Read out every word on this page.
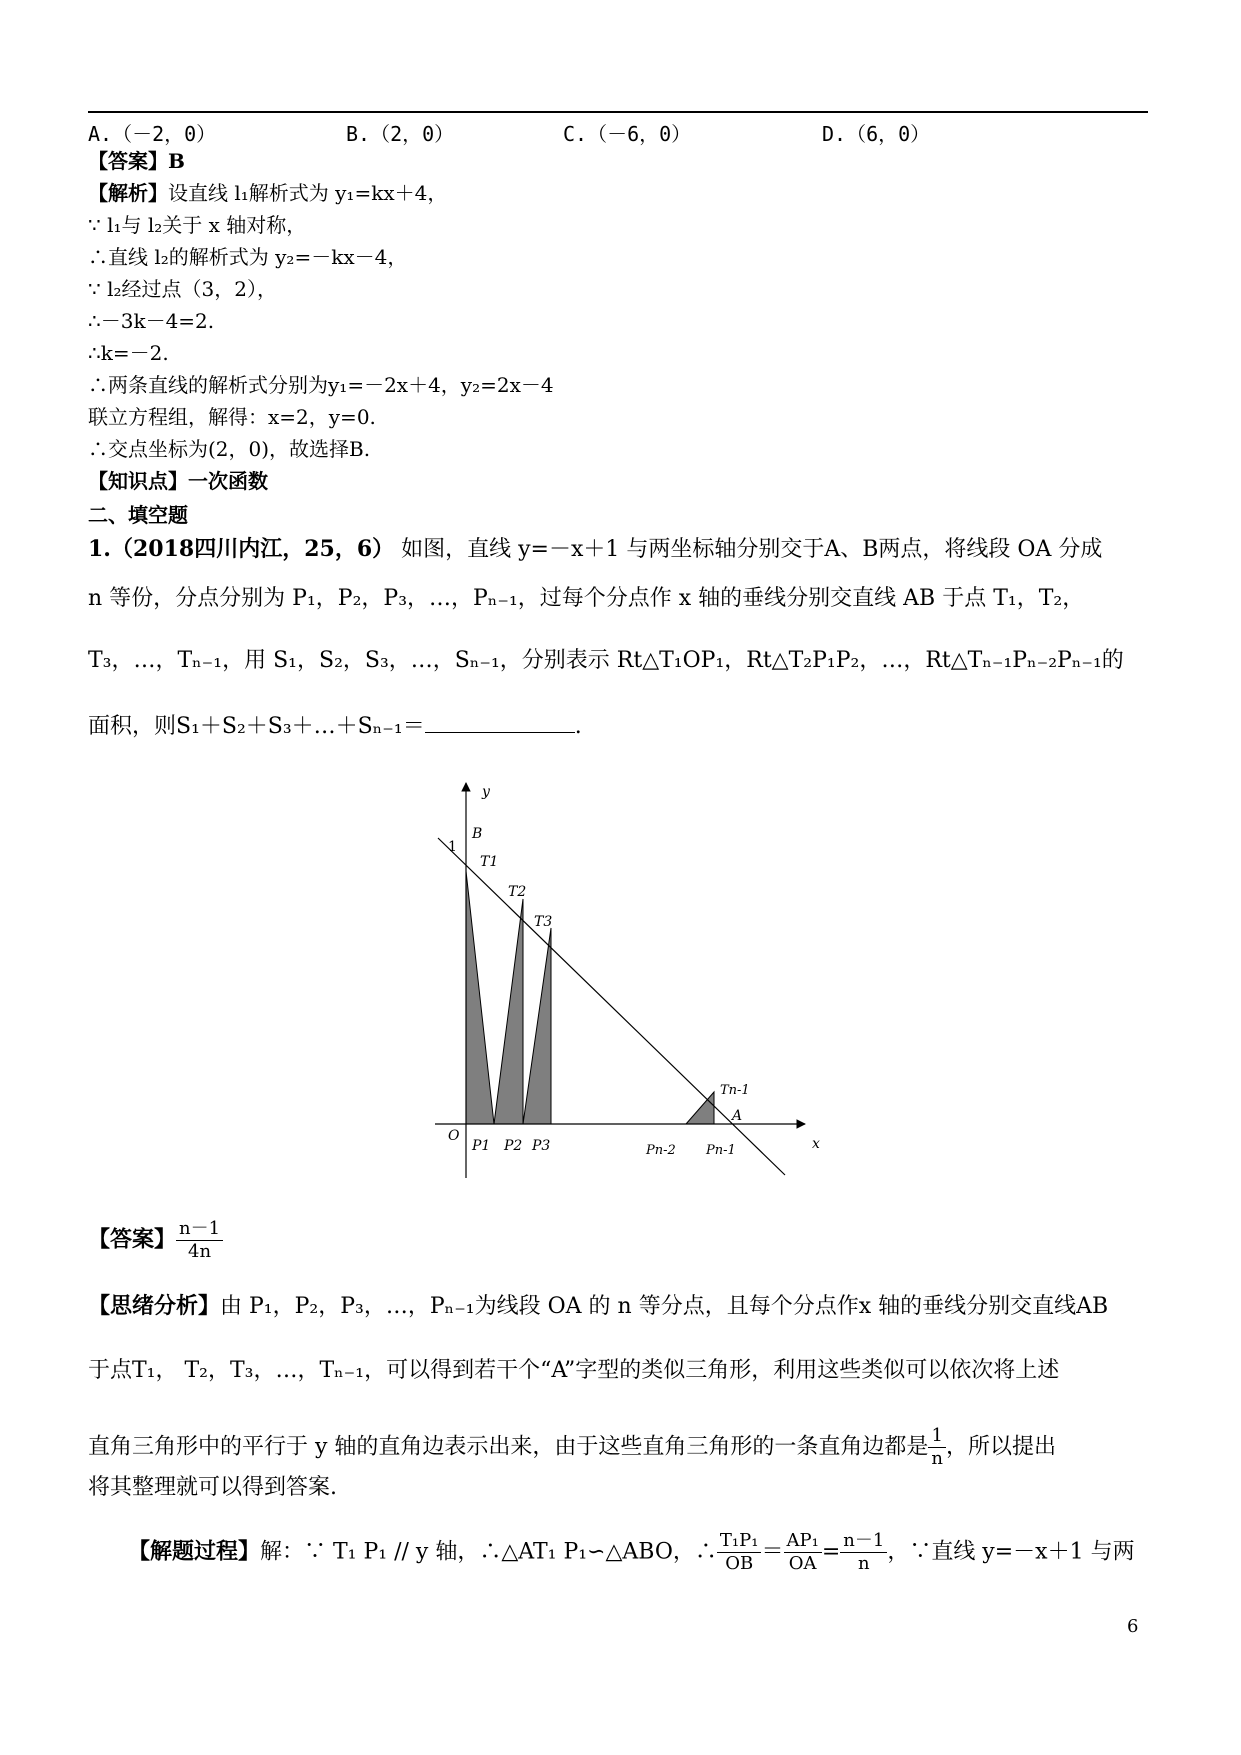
A.（－2，0）	B.（2，0）	C.（－6，0）	D.（6，0）
【答案】B
【解析】设直线 l₁解析式为 y₁=kx＋4，
∵ l₁与 l₂关于 x 轴对称，
∴直线 l₂的解析式为 y₂=－kx－4，
∵ l₂经过点（3，2），
∴－3k－4=2.
∴k=－2.
∴两条直线的解析式分别为y₁=－2x＋4，y₂=2x－4
联立方程组，解得：x=2，y=0.
∴交点坐标为(2，0)，故选择B.
【知识点】一次函数
二、填空题
1.（2018四川内江，25，6） 如图，直线 y=－x＋1 与两坐标轴分别交于A、B两点，将线段 OA 分成
n 等份，分点分别为 P₁，P₂，P₃，…，Pₙ₋₁，过每个分点作 x 轴的垂线分别交直线 AB 于点 T₁，T₂，
T₃，…，Tₙ₋₁，用 S₁，S₂，S₃，…，Sₙ₋₁，分别表示 Rt△T₁OP₁，Rt△T₂P₁P₂，…，Rt△Tₙ₋₁Pₙ₋₂Pₙ₋₁的
面积，则S₁＋S₂＋S₃＋…＋Sₙ₋₁＝	.
y
x
O
1
B
A
T1
T2
T3
Tn-1
P1 P2 P3	Pn-2 Pn-1
【答案】 $\frac{n-1}{4n}$
【思绪分析】由 P₁，P₂，P₃，…，Pₙ₋₁为线段 OA 的 n 等分点，且每个分点作x 轴的垂线分别交直线AB
于点T₁， T₂，T₃，…，Tₙ₋₁，可以得到若干个“A”字型的类似三角形，利用这些类似可以依次将上述
直角三角形中的平行于 y 轴的直角边表示出来，由于这些直角三角形的一条直角边都是 $\frac{1}{n}$ ，所以提出
将其整理就可以得到答案.
【解题过程】解：∵ T₁ P₁ // y 轴，∴△AT₁ P₁∽△ABO，∴ $\frac{\text{T₁P₁}}{OB} = \frac{\text{AP₁}}{OA} = \frac{n-1}{n}$ ，∵直线 y=－x＋1 与两
6
